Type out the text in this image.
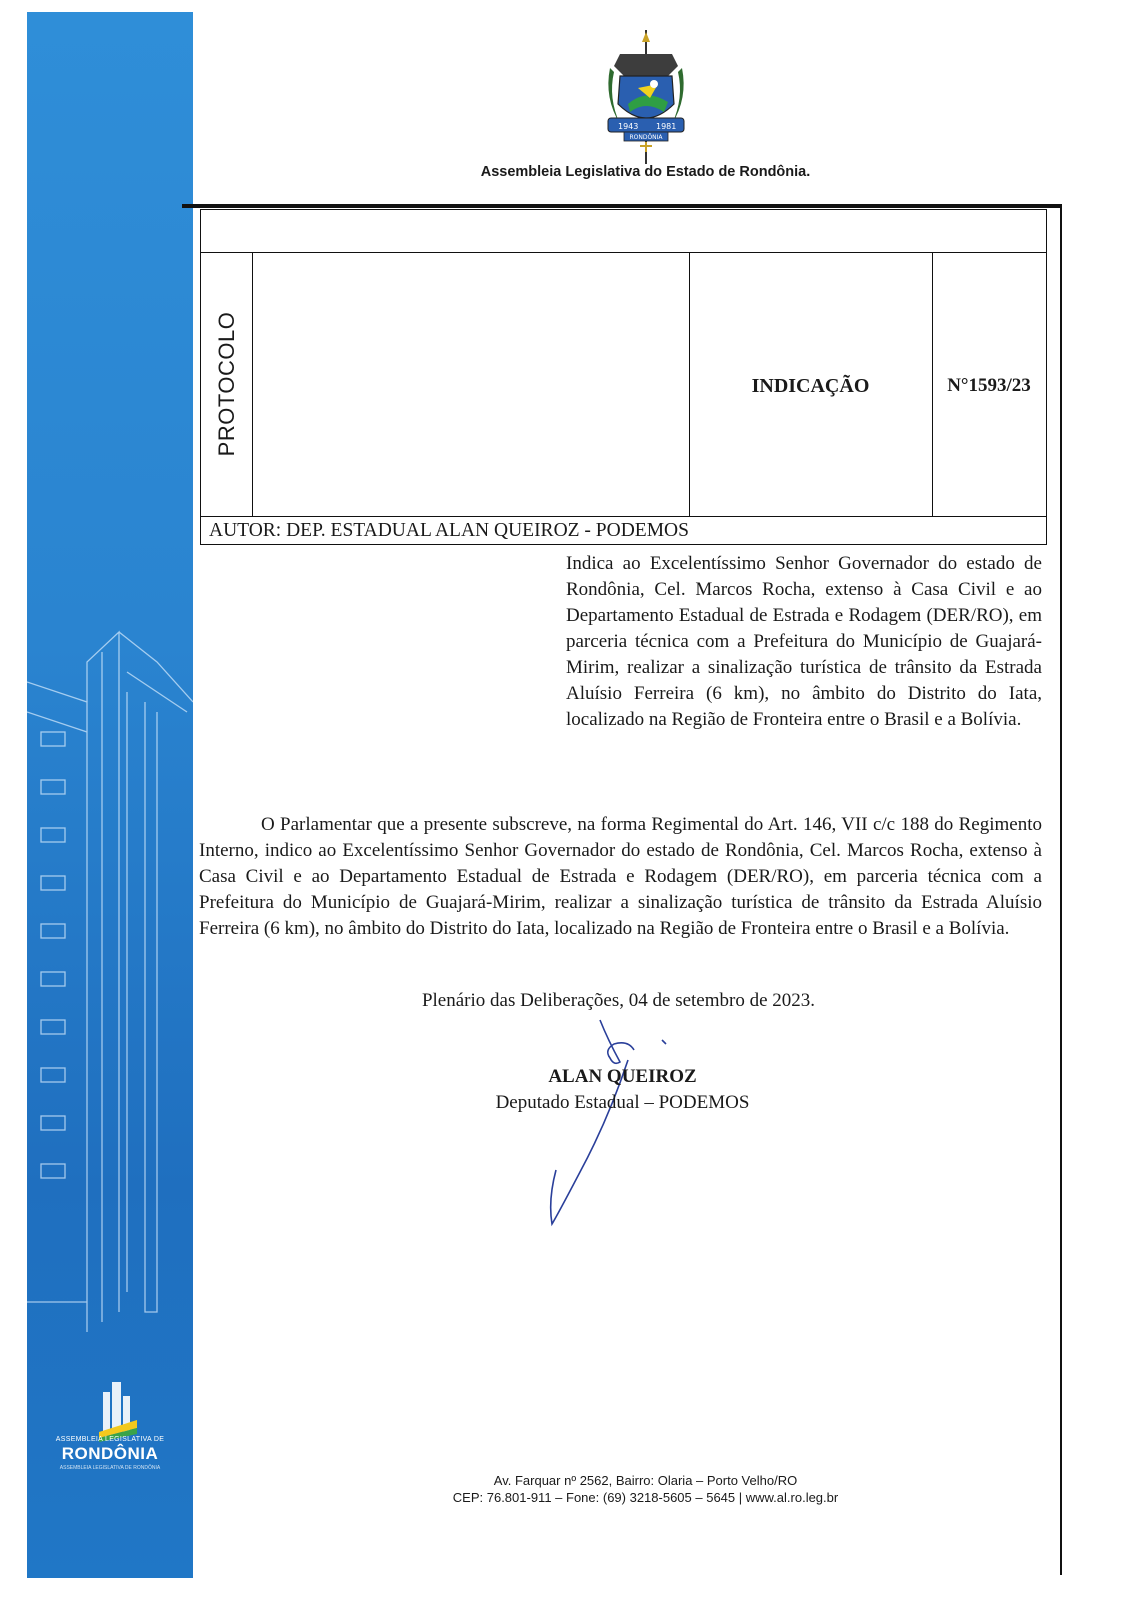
ASSEMBLEIA LEGISLATIVA DE
RONDÔNIA
ASSEMBLEIA LEGISLATIVA DE RONDÔNIA
1943 1981
RONDÔNIA
Assembleia Legislativa do Estado de Rondônia.
PROTOCOLO	INDICAÇÃO	N°1593/23
AUTOR: DEP. ESTADUAL ALAN QUEIROZ - PODEMOS
Indica ao Excelentíssimo Senhor Governador do estado de Rondônia, Cel. Marcos Rocha, extenso à Casa Civil e ao Departamento Estadual de Estrada e Rodagem (DER/RO), em parceria técnica com a Prefeitura do Município de Guajará-Mirim, realizar a sinalização turística de trânsito da Estrada Aluísio Ferreira (6 km), no âmbito do Distrito do Iata, localizado na Região de Fronteira entre o Brasil e a Bolívia.
O Parlamentar que a presente subscreve, na forma Regimental do Art. 146, VII c/c 188 do Regimento Interno, indico ao Excelentíssimo Senhor Governador do estado de Rondônia, Cel. Marcos Rocha, extenso à Casa Civil e ao Departamento Estadual de Estrada e Rodagem (DER/RO), em parceria técnica com a Prefeitura do Município de Guajará-Mirim, realizar a sinalização turística de trânsito da Estrada Aluísio Ferreira (6 km), no âmbito do Distrito do Iata, localizado na Região de Fronteira entre o Brasil e a Bolívia.
Plenário das Deliberações, 04 de setembro de 2023.
ALAN QUEIROZ
Deputado Estadual – PODEMOS
Av. Farquar nº 2562, Bairro: Olaria – Porto Velho/RO
CEP: 76.801-911 – Fone: (69) 3218-5605 – 5645 | www.al.ro.leg.br
